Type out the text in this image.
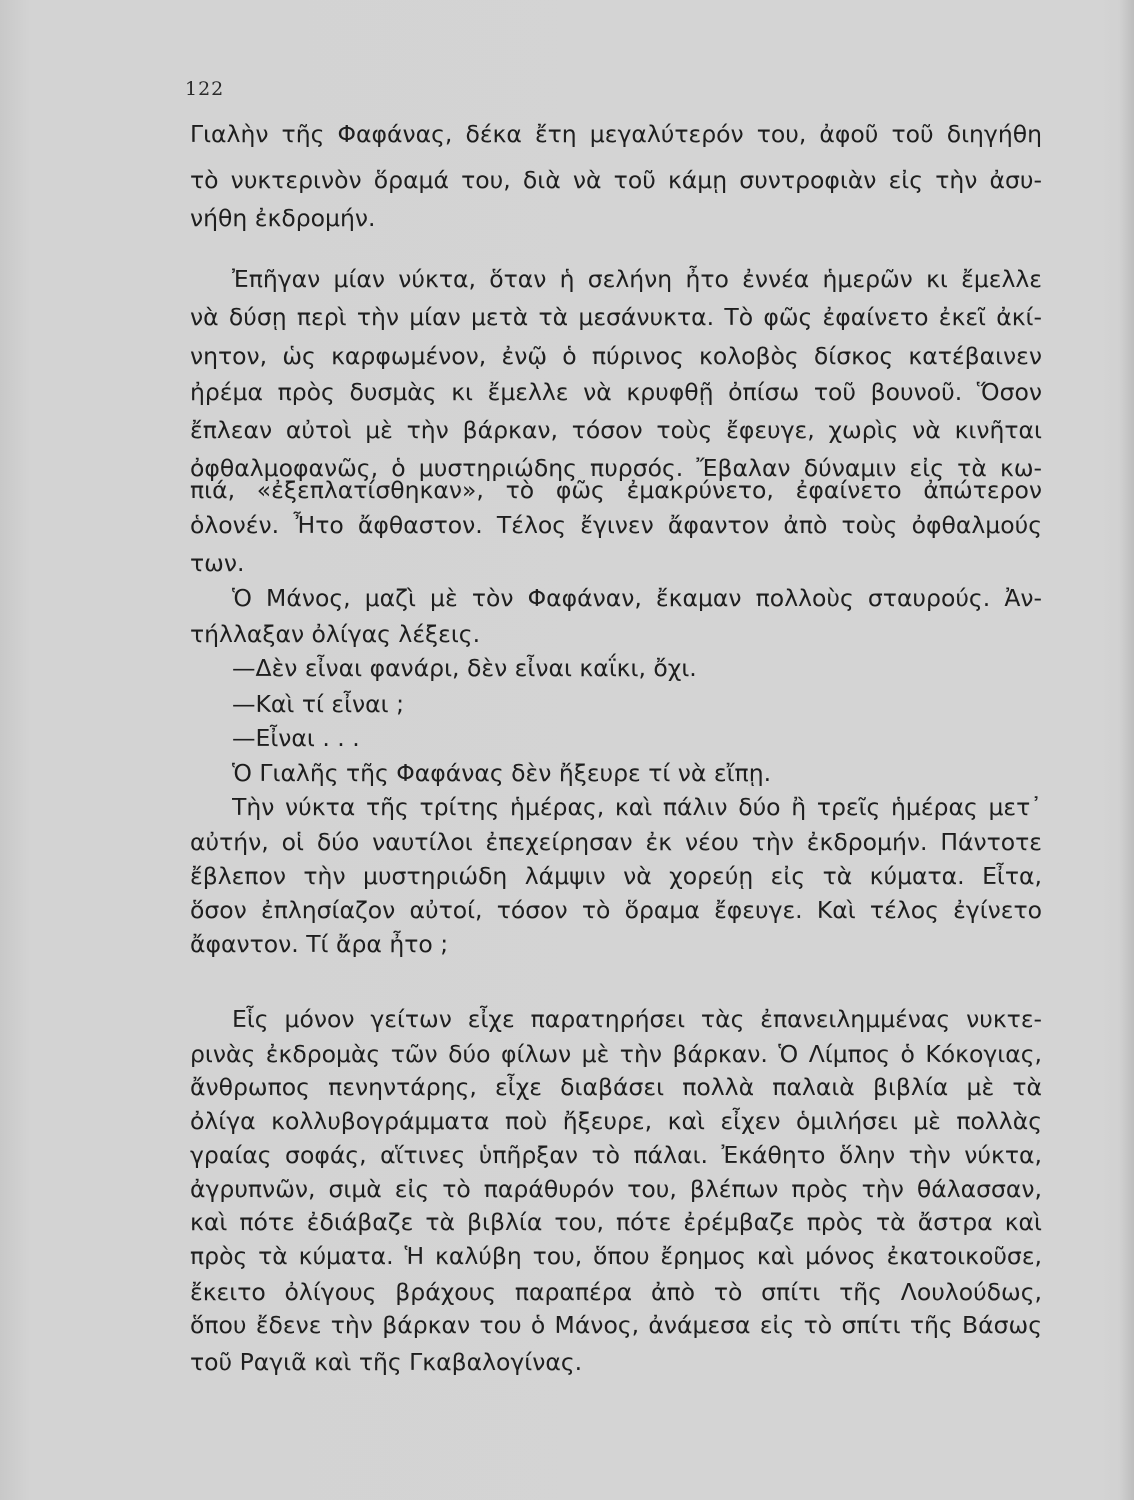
122
Γιαλὴν τῆς Φαφάνας, δέκα ἔτη μεγαλύτερόν του, ἀφοῦ τοῦ διηγήθη
τὸ νυκτερινὸν ὅραμά του, διὰ νὰ τοῦ κάμῃ συντροφιὰν εἰς τὴν ἀσυ-
νήθη ἐκδρομήν.
Ἐπῆγαν μίαν νύκτα, ὅταν ἡ σελήνη ἦτο ἐννέα ἡμερῶν κι ἔμελλε
νὰ δύσῃ περὶ τὴν μίαν μετὰ τὰ μεσάνυκτα. Τὸ φῶς ἐφαίνετο ἐκεῖ ἀκί-
νητον, ὡς καρφωμένον, ἐνῷ ὁ πύρινος κολοβὸς δίσκος κατέβαινεν
ἠρέμα πρὸς δυσμὰς κι ἔμελλε νὰ κρυφθῇ ὀπίσω τοῦ βουνοῦ. Ὅσον
ἔπλεαν αὐτοὶ μὲ τὴν βάρκαν, τόσον τοὺς ἔφευγε, χωρὶς νὰ κινῆται
ὀφθαλμοφανῶς, ὁ μυστηριώδης πυρσός. Ἔβαλαν δύναμιν εἰς τὰ κω-
πιά, «ἐξεπλατίσθηκαν», τὸ φῶς ἐμακρύνετο, ἐφαίνετο ἀπώτερον
ὁλονέν. Ἦτο ἄφθαστον. Τέλος ἔγινεν ἄφαντον ἀπὸ τοὺς ὀφθαλμούς
των.
Ὁ Μάνος, μαζὶ μὲ τὸν Φαφάναν, ἔκαμαν πολλοὺς σταυρούς. Ἀν-
τήλλαξαν ὀλίγας λέξεις.
—Δὲν εἶναι φανάρι, δὲν εἶναι καΐκι, ὄχι.
—Καὶ τί εἶναι ;
—Εἶναι . . .
Ὁ Γιαλῆς τῆς Φαφάνας δὲν ἤξευρε τί νὰ εἴπῃ.
Τὴν νύκτα τῆς τρίτης ἡμέρας, καὶ πάλιν δύο ἢ τρεῖς ἡμέρας μετ᾿
αὐτήν, οἱ δύο ναυτίλοι ἐπεχείρησαν ἐκ νέου τὴν ἐκδρομήν. Πάντοτε
ἔβλεπον τὴν μυστηριώδη λάμψιν νὰ χορεύῃ εἰς τὰ κύματα. Εἶτα,
ὅσον ἐπλησίαζον αὐτοί, τόσον τὸ ὅραμα ἔφευγε. Καὶ τέλος ἐγίνετο
ἄφαντον. Τί ἄρα ἦτο ;
Εἷς μόνον γείτων εἶχε παρατηρήσει τὰς ἐπανειλημμένας νυκτε-
ρινὰς ἐκδρομὰς τῶν δύο φίλων μὲ τὴν βάρκαν. Ὁ Λίμπος ὁ Κόκογιας,
ἄνθρωπος πενηντάρης, εἶχε διαβάσει πολλὰ παλαιὰ βιβλία μὲ τὰ
ὀλίγα κολλυβογράμματα ποὺ ἤξευρε, καὶ εἶχεν ὁμιλήσει μὲ πολλὰς
γραίας σοφάς, αἵτινες ὑπῆρξαν τὸ πάλαι. Ἐκάθητο ὅλην τὴν νύκτα,
ἀγρυπνῶν, σιμὰ εἰς τὸ παράθυρόν του, βλέπων πρὸς τὴν θάλασσαν,
καὶ πότε ἐδιάβαζε τὰ βιβλία του, πότε ἐρέμβαζε πρὸς τὰ ἄστρα καὶ
πρὸς τὰ κύματα. Ἡ καλύβη του, ὅπου ἔρημος καὶ μόνος ἐκατοικοῦσε,
ἔκειτο ὀλίγους βράχους παραπέρα ἀπὸ τὸ σπίτι τῆς Λουλούδως,
ὅπου ἔδενε τὴν βάρκαν του ὁ Μάνος, ἀνάμεσα εἰς τὸ σπίτι τῆς Βάσως
τοῦ Ραγιᾶ καὶ τῆς Γκαβαλογίνας.
